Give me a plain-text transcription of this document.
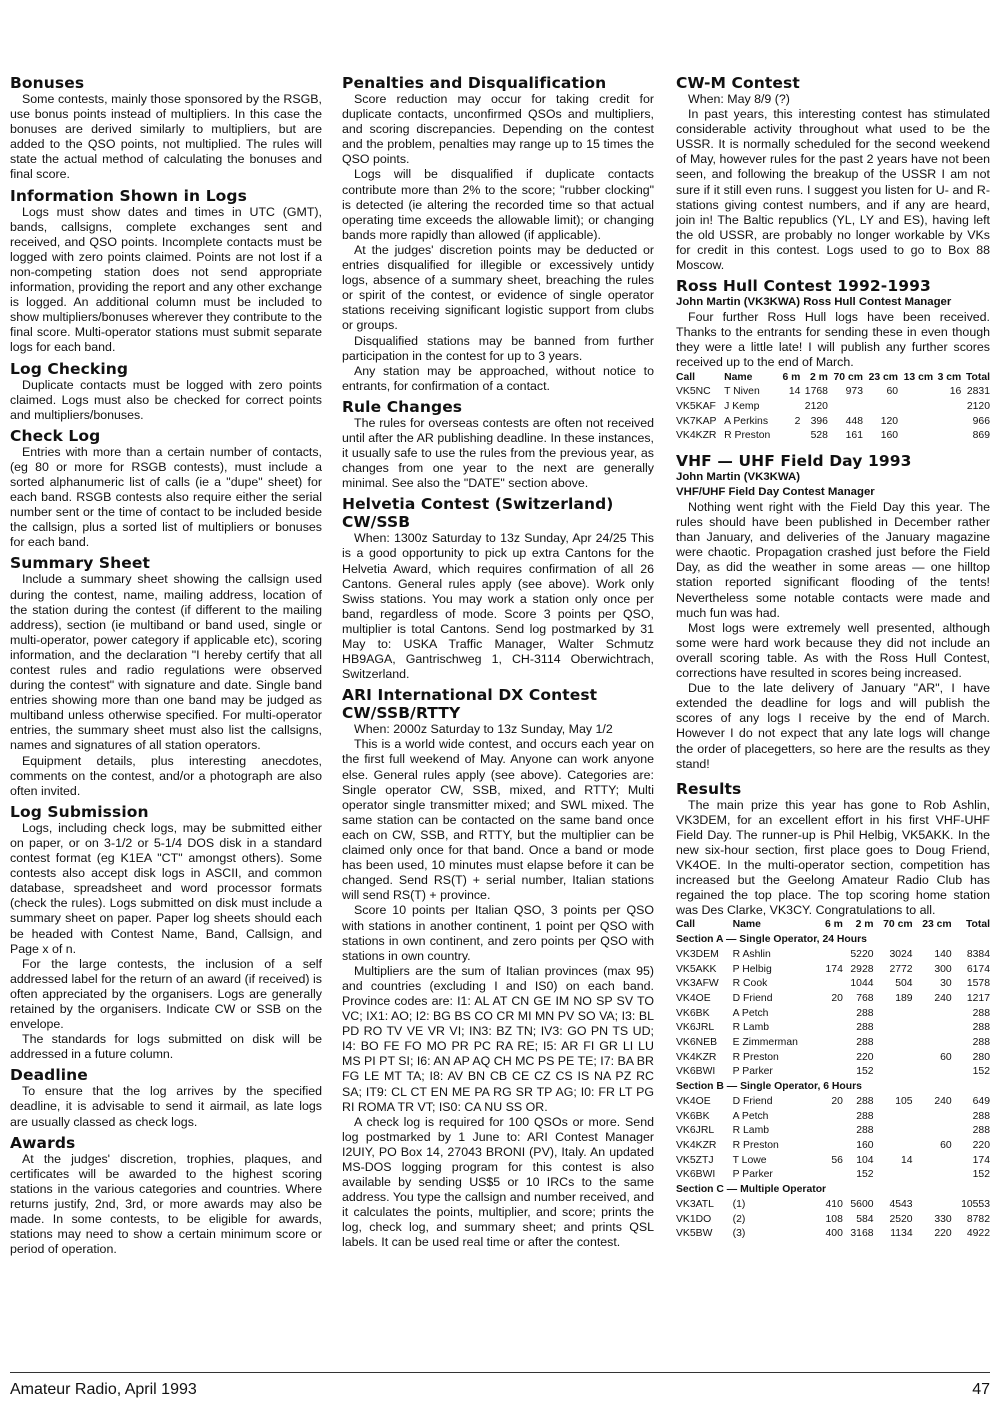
Bonuses

Some contests, mainly those sponsored by the RSGB, use bonus points instead of multipliers. In this case the bonuses are derived similarly to multipliers, but are added to the QSO points, not multiplied. The rules will state the actual method of calculating the bonuses and final score.

Information Shown in Logs

Logs must show dates and times in UTC (GMT), bands, callsigns, complete exchanges sent and received, and QSO points. Incomplete contacts must be logged with zero points claimed. Points are not lost if a non-competing station does not send appropriate information, providing the report and any other exchange is logged. An additional column must be included to show multipliers/bonuses wherever they contribute to the final score. Multi-operator stations must submit separate logs for each band.

Log Checking

Duplicate contacts must be logged with zero points claimed. Logs must also be checked for correct points and multipliers/bonuses.

Check Log

Entries with more than a certain number of contacts, (eg 80 or more for RSGB contests), must include a sorted alphanumeric list of calls (ie a "dupe" sheet) for each band. RSGB contests also require either the serial number sent or the time of contact to be included beside the callsign, plus a sorted list of multipliers or bonuses for each band.

Summary Sheet

Include a summary sheet showing the callsign used during the contest, name, mailing address, location of the station during the contest (if different to the mailing address), section (ie multiband or band used, single or multi-operator, power category if applicable etc), scoring information, and the declaration "I hereby certify that all contest rules and radio regulations were observed during the contest" with signature and date. Single band entries showing more than one band may be judged as multiband unless otherwise specified. For multi-operator entries, the summary sheet must also list the callsigns, names and signatures of all station operators.

Equipment details, plus interesting anecdotes, comments on the contest, and/or a photograph are also often invited.

Log Submission

Logs, including check logs, may be submitted either on paper, or on 3-1/2 or 5-1/4 DOS disk in a standard contest format (eg K1EA "CT" amongst others). Some contests also accept disk logs in ASCII, and common database, spreadsheet and word processor formats (check the rules). Logs submitted on disk must include a summary sheet on paper. Paper log sheets should each be headed with Contest Name, Band, Callsign, and Page x of n.

For the large contests, the inclusion of a self addressed label for the return of an award (if received) is often appreciated by the organisers. Logs are generally retained by the organisers. Indicate CW or SSB on the envelope.

The standards for logs submitted on disk will be addressed in a future column.

Deadline

To ensure that the log arrives by the specified deadline, it is advisable to send it airmail, as late logs are usually classed as check logs.

Awards

At the judges' discretion, trophies, plaques, and certificates will be awarded to the highest scoring stations in the various categories and countries. Where returns justify, 2nd, 3rd, or more awards may also be made. In some contests, to be eligible for awards, stations may need to show a certain minimum score or period of operation.

Penalties and Disqualification

Score reduction may occur for taking credit for duplicate contacts, unconfirmed QSOs and multipliers, and scoring discrepancies. Depending on the contest and the problem, penalties may range up to 15 times the QSO points.

Logs will be disqualified if duplicate contacts contribute more than 2% to the score; "rubber clocking" is detected (ie altering the recorded time so that actual operating time exceeds the allowable limit); or changing bands more rapidly than allowed (if applicable).

At the judges' discretion points may be deducted or entries disqualified for illegible or excessively untidy logs, absence of a summary sheet, breaching the rules or spirit of the contest, or evidence of single operator stations receiving significant logistic support from clubs or groups.

Disqualified stations may be banned from further participation in the contest for up to 3 years.

Any station may be approached, without notice to entrants, for confirmation of a contact.

Rule Changes

The rules for overseas contests are often not received until after the AR publishing deadline. In these instances, it usually safe to use the rules from the previous year, as changes from one year to the next are generally minimal. See also the "DATE" section above.

Helvetia Contest (Switzerland) CW/SSB

When: 1300z Saturday to 13z Sunday, Apr 24/25 This is a good opportunity to pick up extra Cantons for the Helvetia Award, which requires confirmation of all 26 Cantons. General rules apply (see above). Work only Swiss stations. You may work a station only once per band, regardless of mode. Score 3 points per QSO, multiplier is total Cantons. Send log postmarked by 31 May to: USKA Traffic Manager, Walter Schmutz HB9AGA, Gantrischweg 1, CH-3114 Oberwichtrach, Switzerland.

ARI International DX Contest CW/SSB/RTTY

When: 2000z Saturday to 13z Sunday, May 1/2

This is a world wide contest, and occurs each year on the first full weekend of May. Anyone can work anyone else. General rules apply (see above). Categories are: Single operator CW, SSB, mixed, and RTTY; Multi operator single transmitter mixed; and SWL mixed. The same station can be contacted on the same band once each on CW, SSB, and RTTY, but the multiplier can be claimed only once for that band. Once a band or mode has been used, 10 minutes must elapse before it can be changed. Send RS(T) + serial number, Italian stations will send RS(T) + province.

Score 10 points per Italian QSO, 3 points per QSO with stations in another continent, 1 point per QSO with stations in own continent, and zero points per QSO with stations in own country.

Multipliers are the sum of Italian provinces (max 95) and countries (excluding I and IS0) on each band. Province codes are: I1: AL AT CN GE IM NO SP SV TO VC; IX1: AO; I2: BG BS CO CR MI MN PV SO VA; I3: BL PD RO TV VE VR VI; IN3: BZ TN; IV3: GO PN TS UD; I4: BO FE FO MO PR PC RA RE; I5: AR FI GR LI LU MS PI PT SI; I6: AN AP AQ CH MC PS PE TE; I7: BA BR FG LE MT TA; I8: AV BN CB CE CZ CS IS NA PZ RC SA; IT9: CL CT EN ME PA RG SR TP AG; I0: FR LT PG RI ROMA TR VT; IS0: CA NU SS OR.

A check log is required for 100 QSOs or more. Send log postmarked by 1 June to: ARI Contest Manager I2UIY, PO Box 14, 27043 BRONI (PV), Italy. An updated MS-DOS logging program for this contest is also available by sending US$5 or 10 IRCs to the same address. You type the callsign and number received, and it calculates the points, multiplier, and score; prints the log, check log, and summary sheet; and prints QSL labels. It can be used real time or after the contest.

CW-M Contest

When: May 8/9 (?)

In past years, this interesting contest has stimulated considerable activity throughout what used to be the USSR. It is normally scheduled for the second weekend of May, however rules for the past 2 years have not been seen, and following the breakup of the USSR I am not sure if it still even runs. I suggest you listen for U- and R- stations giving contest numbers, and if any are heard, join in! The Baltic republics (YL, LY and ES), having left the old USSR, are probably no longer workable by VKs for credit in this contest. Logs used to go to Box 88 Moscow.

Ross Hull Contest 1992-1993
John Martin (VK3KWA) Ross Hull Contest Manager

Four further Ross Hull logs have been received. Thanks to the entrants for sending these in even though they were a little late! I will publish any further scores received up to the end of March.

Call	Name	6 m	2 m	70 cm	23 cm	13 cm	3 cm	Total
VK5NC	T Niven	14	1768	973	60		16	2831
VK5KAF	J Kemp		2120					2120
VK7KAP	A Perkins	2	396	448	120			966
VK4KZR	R Preston		528	161	160			869
VHF — UHF Field Day 1993
John Martin (VK3KWA)
VHF/UHF Field Day Contest Manager

Nothing went right with the Field Day this year. The rules should have been published in December rather than January, and deliveries of the January magazine were chaotic. Propagation crashed just before the Field Day, as did the weather in some areas — one hilltop station reported significant flooding of the tents! Nevertheless some notable contacts were made and much fun was had.

Most logs were extremely well presented, although some were hard work because they did not include an overall scoring table. As with the Ross Hull Contest, corrections have resulted in scores being increased.

Due to the late delivery of January "AR", I have extended the deadline for logs and will publish the scores of any logs I receive by the end of March. However I do not expect that any late logs will change the order of placegetters, so here are the results as they stand!

Results

The main prize this year has gone to Rob Ashlin, VK3DEM, for an excellent effort in his first VHF-UHF Field Day. The runner-up is Phil Helbig, VK5AKK. In the new six-hour section, first place goes to Doug Friend, VK4OE. In the multi-operator section, competition has increased but the Geelong Amateur Radio Club has regained the top place. The top scoring home station was Des Clarke, VK3CY. Congratulations to all.

Call	Name	6 m	2 m	70 cm	23 cm	Total
Section A — Single Operator, 24 Hours						
VK3DEM	R Ashlin		5220	3024	140	8384
VK5AKK	P Helbig	174	2928	2772	300	6174
VK3AFW	R Cook		1044	504	30	1578
VK4OE	D Friend	20	768	189	240	1217
VK6BK	A Petch		288			288
VK6JRL	R Lamb		288			288
VK6NEB	E Zimmerman		288			288
VK4KZR	R Preston		220		60	280
VK6BWI	P Parker		152			152
Section B — Single Operator, 6 Hours						
VK4OE	D Friend	20	288	105	240	649
VK6BK	A Petch		288			288
VK6JRL	R Lamb		288			288
VK4KZR	R Preston		160		60	220
VK5ZTJ	T Lowe	56	104	14		174
VK6BWI	P Parker		152			152
Section C — Multiple Operator						
VK3ATL	(1)	410	5600	4543		10553
VK1DO	(2)	108	584	2520	330	8782
VK5BW	(3)	400	3168	1134	220	4922
Amateur Radio, April 1993	47
